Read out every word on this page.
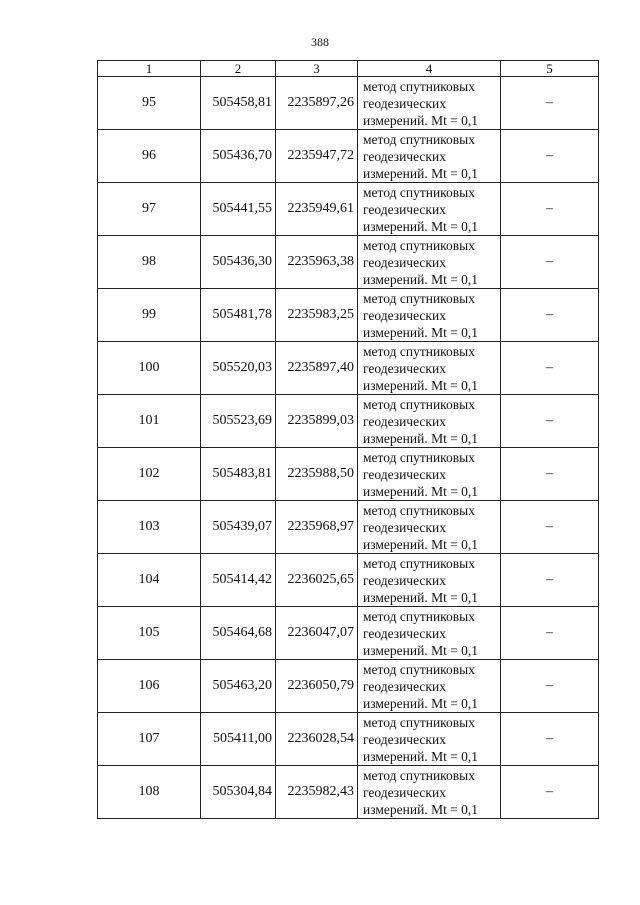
388
1	2	3	4	5
95	505458,81	2235897,26	метод спутниковых
геодезических
измерений. Mt = 0,1	–
96	505436,70	2235947,72	метод спутниковых
геодезических
измерений. Mt = 0,1	–
97	505441,55	2235949,61	метод спутниковых
геодезических
измерений. Mt = 0,1	–
98	505436,30	2235963,38	метод спутниковых
геодезических
измерений. Mt = 0,1	–
99	505481,78	2235983,25	метод спутниковых
геодезических
измерений. Mt = 0,1	–
100	505520,03	2235897,40	метод спутниковых
геодезических
измерений. Mt = 0,1	–
101	505523,69	2235899,03	метод спутниковых
геодезических
измерений. Mt = 0,1	–
102	505483,81	2235988,50	метод спутниковых
геодезических
измерений. Mt = 0,1	–
103	505439,07	2235968,97	метод спутниковых
геодезических
измерений. Mt = 0,1	–
104	505414,42	2236025,65	метод спутниковых
геодезических
измерений. Mt = 0,1	–
105	505464,68	2236047,07	метод спутниковых
геодезических
измерений. Mt = 0,1	–
106	505463,20	2236050,79	метод спутниковых
геодезических
измерений. Mt = 0,1	–
107	505411,00	2236028,54	метод спутниковых
геодезических
измерений. Mt = 0,1	–
108	505304,84	2235982,43	метод спутниковых
геодезических
измерений. Mt = 0,1	–
